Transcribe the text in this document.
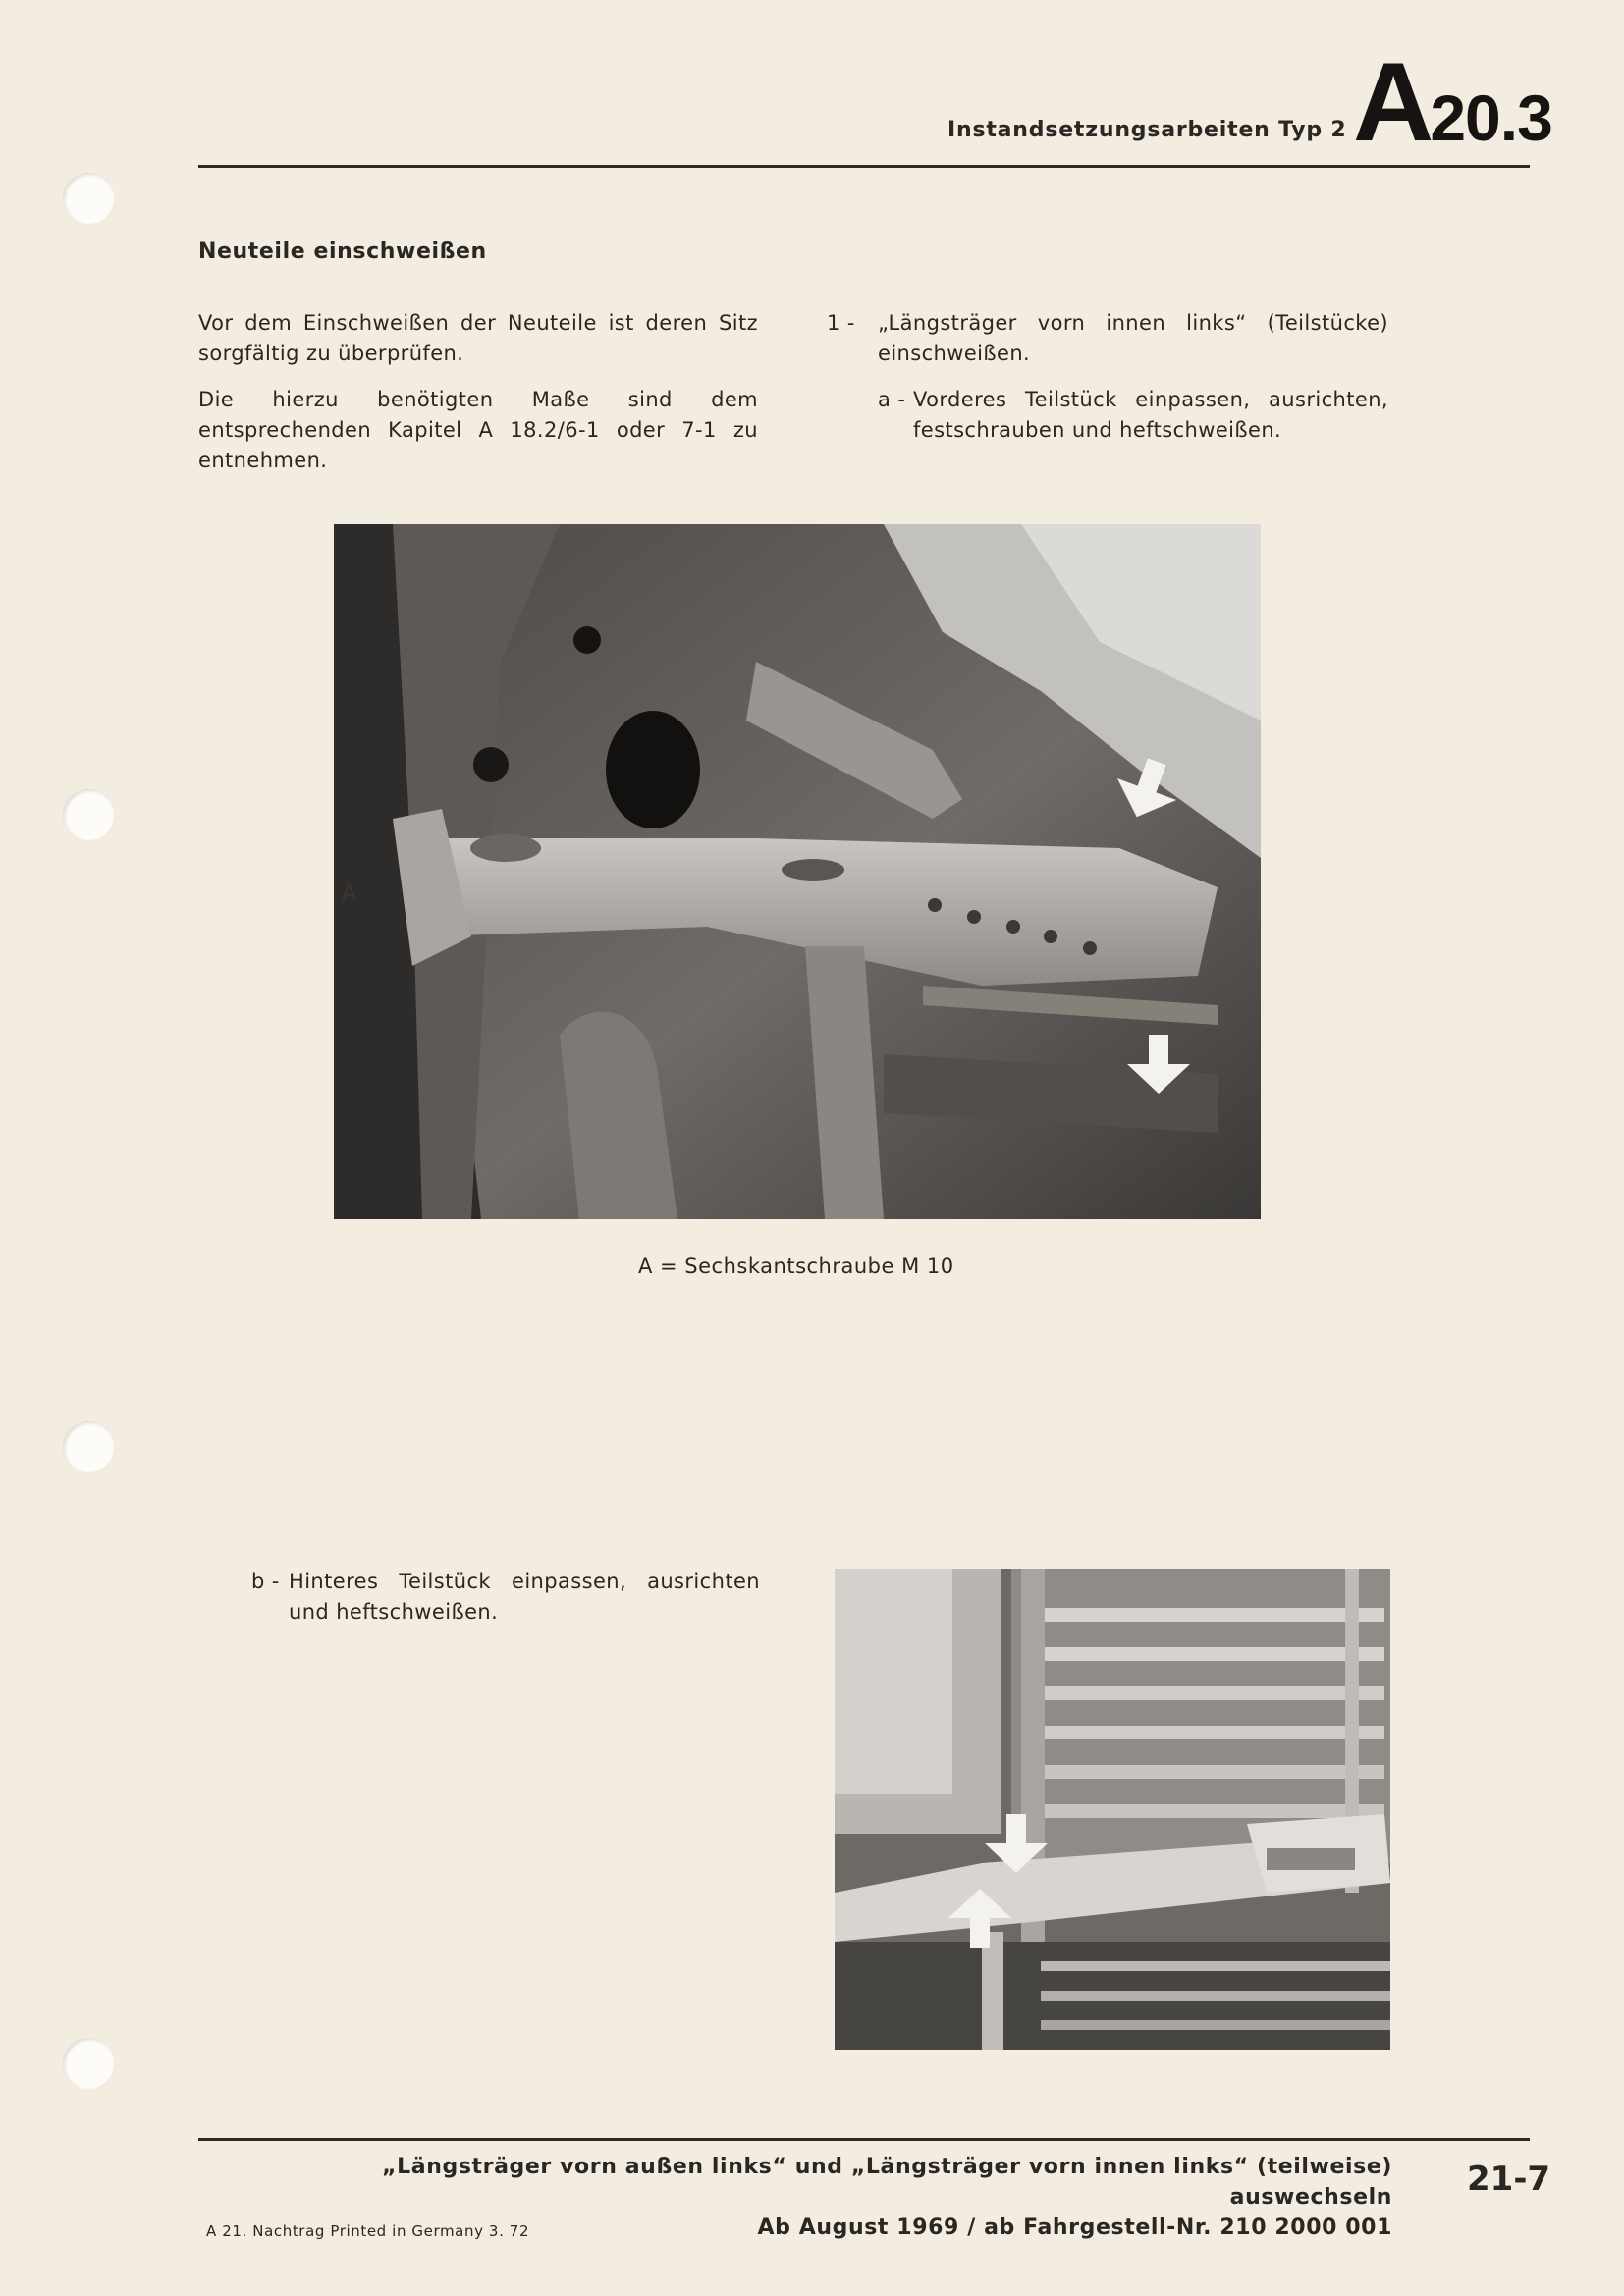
Instandsetzungsarbeiten Typ 2 A20.3
Neuteile einschweißen
Vor dem Einschweißen der Neuteile ist deren Sitz sorgfältig zu überprüfen.
Die hierzu benötigten Maße sind dem entsprechenden Kapitel A 18.2/6-1 oder 7-1 zu entnehmen.
1 - „Längsträger vorn innen links“ (Teilstücke) einschweißen.
a - Vorderes Teilstück einpassen, ausrichten, festschrauben und heftschweißen.
A
A = Sechskantschraube M 10
b - Hinteres Teilstück einpassen, ausrichten und heftschweißen.
„Längsträger vorn außen links“ und „Längsträger vorn innen links“ (teilweise) auswechseln
Ab August 1969 / ab Fahrgestell-Nr. 210 2000 001
21-7
A 21. Nachtrag Printed in Germany 3. 72
